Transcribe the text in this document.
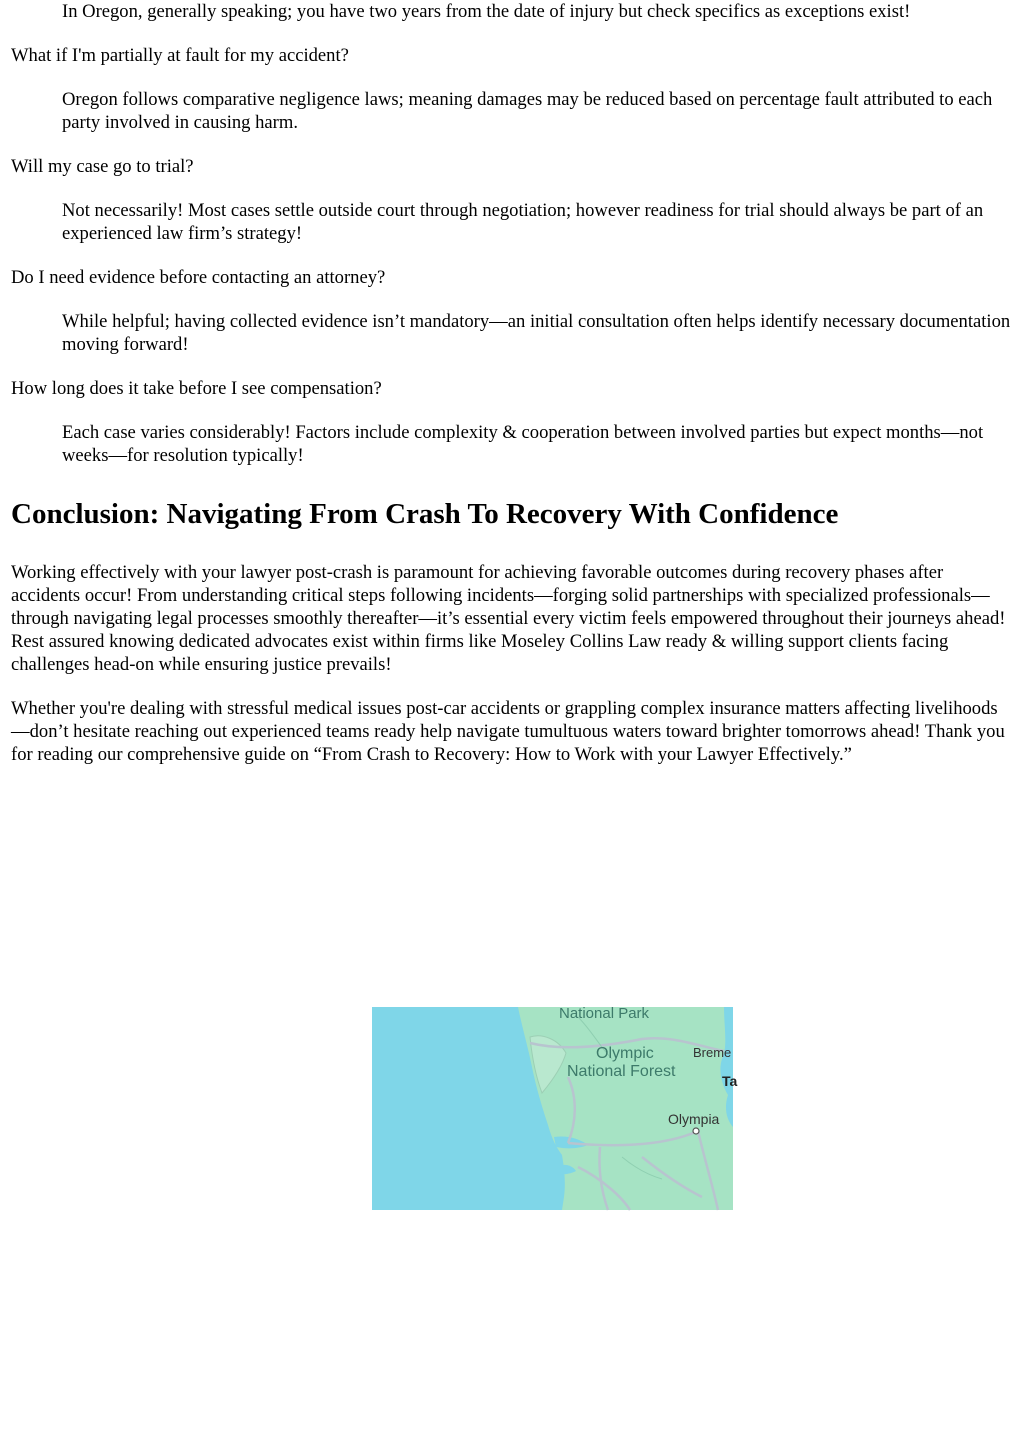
In Oregon, generally speaking; you have two years from the date of injury but check specifics as exceptions exist!
What if I'm partially at fault for my accident?
Oregon follows comparative negligence laws; meaning damages may be reduced based on percentage fault attributed to each party involved in causing harm.
Will my case go to trial?
Not necessarily! Most cases settle outside court through negotiation; however readiness for trial should always be part of an experienced law firm’s strategy!
Do I need evidence before contacting an attorney?
While helpful; having collected evidence isn’t mandatory—an initial consultation often helps identify necessary documentation moving forward!
How long does it take before I see compensation?
Each case varies considerably! Factors include complexity & cooperation between involved parties but expect months—not weeks—for resolution typically!
Conclusion: Navigating From Crash To Recovery With Confidence

Working effectively with your lawyer post-crash is paramount for achieving favorable outcomes during recovery phases after accidents occur! From understanding critical steps following incidents—forging solid partnerships with specialized professionals—through navigating legal processes smoothly thereafter—it’s essential every victim feels empowered throughout their journeys ahead! Rest assured knowing dedicated advocates exist within firms like Moseley Collins Law ready & willing support clients facing challenges head-on while ensuring justice prevails!

Whether you're dealing with stressful medical issues post-car accidents or grappling complex insurance matters affecting livelihoods—don’t hesitate reaching out experienced teams ready help navigate tumultuous waters toward brighter tomorrows ahead! Thank you for reading our comprehensive guide on “From Crash to Recovery: How to Work with your Lawyer Effectively.”

National Park
Olympic
National Forest
Breme
Ta
Olympia
